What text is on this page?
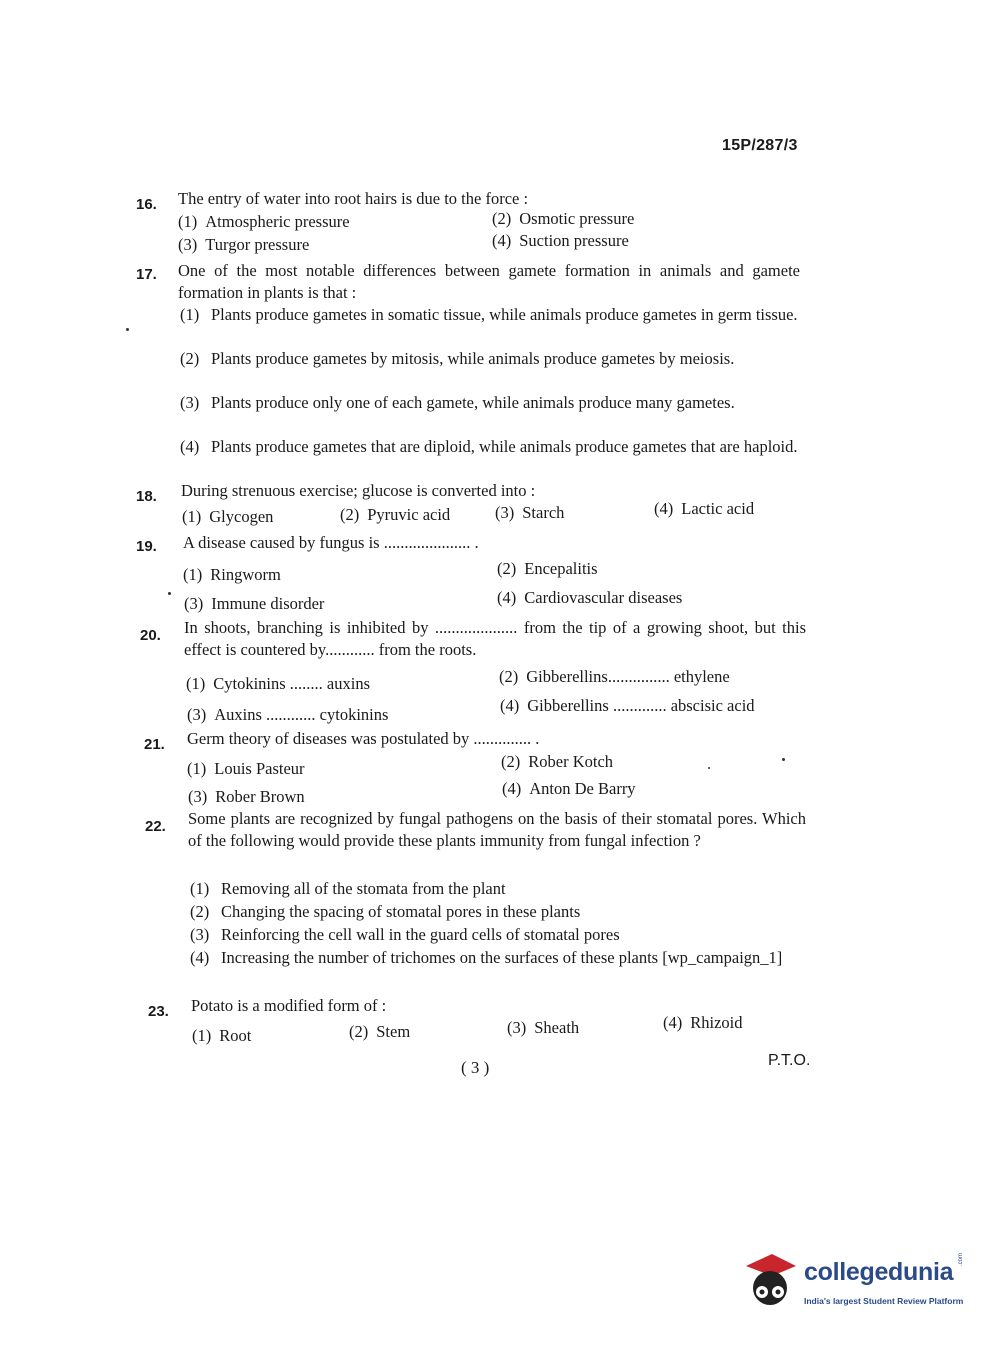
15P/287/3
16. The entry of water into root hairs is due to the force :
(1) Atmospheric pressure	(2) Osmotic pressure
(3) Turgor pressure	(4) Suction pressure
17. One of the most notable differences between gamete formation in animals and gamete formation in plants is that :
(1) Plants produce gametes in somatic tissue, while animals produce gametes in germ tissue.
(2) Plants produce gametes by mitosis, while animals produce gametes by meiosis.
(3) Plants produce only one of each gamete, while animals produce many gametes.
(4) Plants produce gametes that are diploid, while animals produce gametes that are haploid.
18. During strenuous exercise; glucose is converted into :
(1) Glycogen	(2) Pyruvic acid	(3) Starch	(4) Lactic acid
19. A disease caused by fungus is ..................... .
(1) Ringworm	(2) Encepalitis
(3) Immune disorder	(4) Cardiovascular diseases
20. In shoots, branching is inhibited by .................... from the tip of a growing shoot, but this effect is countered by............ from the roots.
(1) Cytokinins ........ auxins	(2) Gibberellins............... ethylene
(3) Auxins ............ cytokinins	(4) Gibberellins ............. abscisic acid
21. Germ theory of diseases was postulated by .............. .
(1) Louis Pasteur	(2) Rober Kotch
(3) Rober Brown	(4) Anton De Barry
22. Some plants are recognized by fungal pathogens on the basis of their stomatal pores. Which of the following would provide these plants immunity from fungal infection ?
(1) Removing all of the stomata from the plant
(2) Changing the spacing of stomatal pores in these plants
(3) Reinforcing the cell wall in the guard cells of stomatal pores
(4) Increasing the number of trichomes on the surfaces of these plants [wp_campaign_1]
23. Potato is a modified form of :
(1) Root	(2) Stem	(3) Sheath	(4) Rhizoid
( 3 )	P.T.O.
collegedunia .com
India's largest Student Review Platform
